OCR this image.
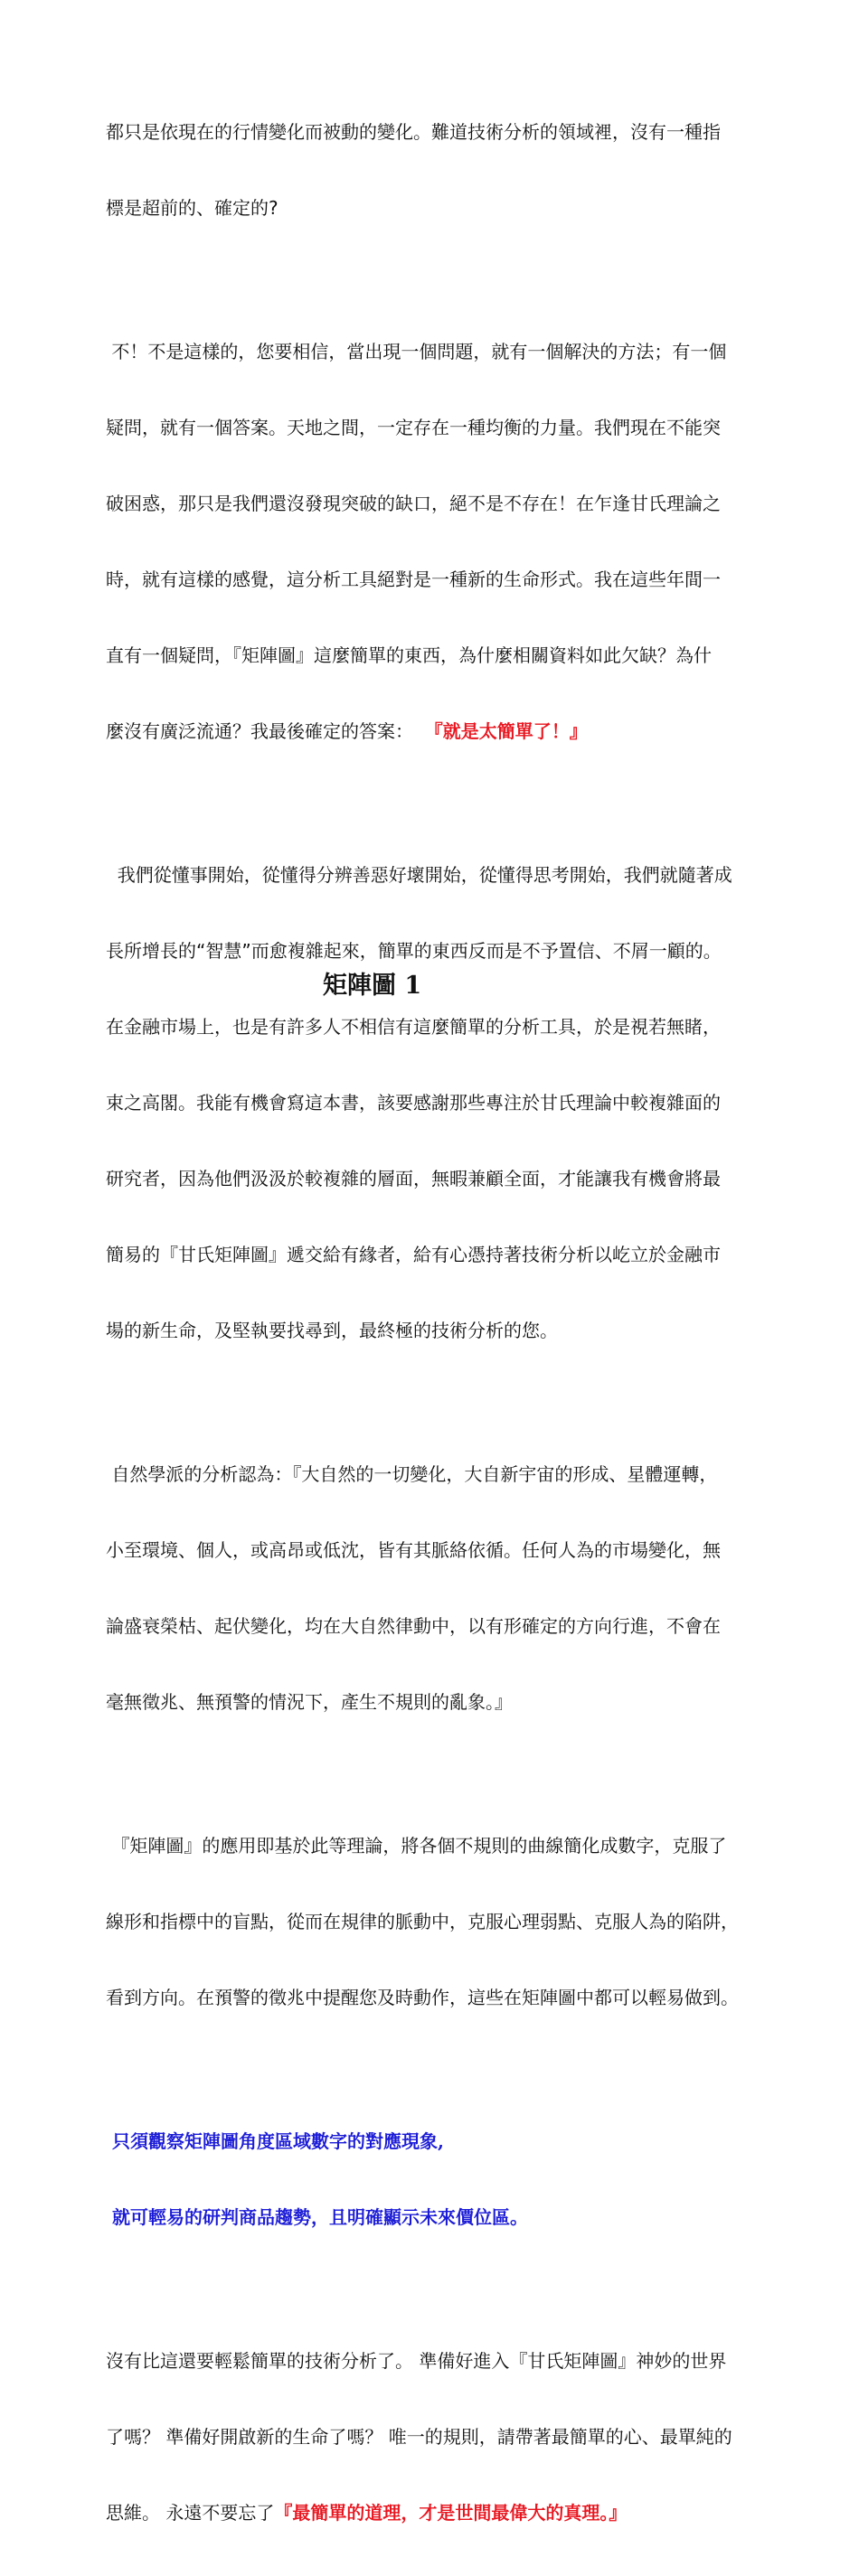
都只是依現在的行情變化而被動的變化。難道技術分析的領域裡，沒有一種指

標是超前的、確定的?

不！不是這樣的，您要相信，當出現一個問題，就有一個解決的方法；有一個

疑問，就有一個答案。天地之間，一定存在一種均衡的力量。我們現在不能突

破困惑，那只是我們還沒發現突破的缺口，絕不是不存在！在乍逢甘氏理論之

時，就有這樣的感覺，這分析工具絕對是一種新的生命形式。我在這些年間一

直有一個疑問，『矩陣圖』這麼簡單的東西，為什麼相關資料如此欠缺？為什

麼沒有廣泛流通？我最後確定的答案： 『就是太簡單了！』

我們從懂事開始，從懂得分辨善惡好壞開始，從懂得思考開始，我們就隨著成

長所增長的“智慧”而愈複雜起來，簡單的東西反而是不予置信、不屑一顧的。

在金融市場上，也是有許多人不相信有這麼簡單的分析工具，於是視若無睹，

束之高閣。我能有機會寫這本書，該要感謝那些專注於甘氏理論中較複雜面的

研究者，因為他們汲汲於較複雜的層面，無暇兼顧全面，才能讓我有機會將最

簡易的『甘氏矩陣圖』遞交給有緣者，給有心憑持著技術分析以屹立於金融市

場的新生命，及堅執要找尋到，最終極的技術分析的您。

自然學派的分析認為：『大自然的一切變化，大自新宇宙的形成、星體運轉，

小至環境、個人，或高昂或低沈，皆有其脈絡依循。任何人為的市場變化，無

論盛衰榮枯、起伏變化，均在大自然律動中，以有形確定的方向行進，不會在

毫無徵兆、無預警的情況下，產生不規則的亂象。』

『矩陣圖』的應用即基於此等理論，將各個不規則的曲線簡化成數字，克服了

線形和指標中的盲點，從而在規律的脈動中，克服心理弱點、克服人為的陷阱，

看到方向。在預警的徵兆中提醒您及時動作，這些在矩陣圖中都可以輕易做到。

只須觀察矩陣圖角度區域數字的對應現象,

就可輕易的研判商品趨勢，且明確顯示未來價位區。

沒有比這還要輕鬆簡單的技術分析了。 準備好進入『甘氏矩陣圖』神妙的世界

了嗎？ 準備好開啟新的生命了嗎？ 唯一的規則，請帶著最簡單的心、最單純的

思維。 永遠不要忘了『最簡單的道理，才是世間最偉大的真理。』

矩陣圖 1
